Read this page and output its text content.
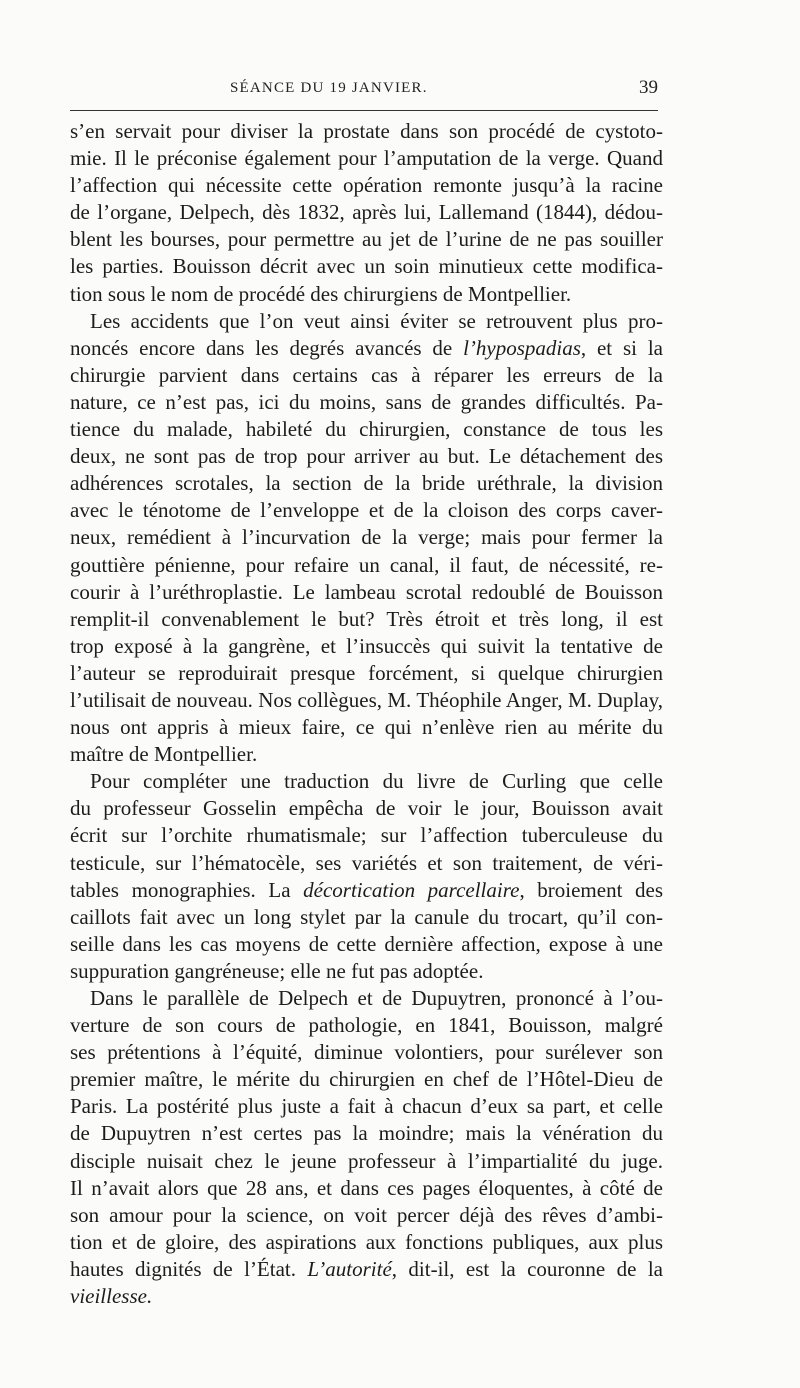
SÉANCE DU 19 JANVIER.	39
s’en servait pour diviser la prostate dans son procédé de cystoto-
mie. Il le préconise également pour l’amputation de la verge. Quand
l’affection qui nécessite cette opération remonte jusqu’à la racine
de l’organe, Delpech, dès 1832, après lui, Lallemand (1844), dédou-
blent les bourses, pour permettre au jet de l’urine de ne pas souiller
les parties. Bouisson décrit avec un soin minutieux cette modifica-
tion sous le nom de procédé des chirurgiens de Montpellier.
Les accidents que l’on veut ainsi éviter se retrouvent plus pro-
noncés encore dans les degrés avancés de l’hypospadias, et si la
chirurgie parvient dans certains cas à réparer les erreurs de la
nature, ce n’est pas, ici du moins, sans de grandes difficultés. Pa-
tience du malade, habileté du chirurgien, constance de tous les
deux, ne sont pas de trop pour arriver au but. Le détachement des
adhérences scrotales, la section de la bride uréthrale, la division
avec le ténotome de l’enveloppe et de la cloison des corps caver-
neux, remédient à l’incurvation de la verge; mais pour fermer la
gouttière pénienne, pour refaire un canal, il faut, de nécessité, re-
courir à l’uréthroplastie. Le lambeau scrotal redoublé de Bouisson
remplit-il convenablement le but? Très étroit et très long, il est
trop exposé à la gangrène, et l’insuccès qui suivit la tentative de
l’auteur se reproduirait presque forcément, si quelque chirurgien
l’utilisait de nouveau. Nos collègues, M. Théophile Anger, M. Duplay,
nous ont appris à mieux faire, ce qui n’enlève rien au mérite du
maître de Montpellier.
Pour compléter une traduction du livre de Curling que celle
du professeur Gosselin empêcha de voir le jour, Bouisson avait
écrit sur l’orchite rhumatismale; sur l’affection tuberculeuse du
testicule, sur l’hématocèle, ses variétés et son traitement, de véri-
tables monographies. La décortication parcellaire, broiement des
caillots fait avec un long stylet par la canule du trocart, qu’il con-
seille dans les cas moyens de cette dernière affection, expose à une
suppuration gangréneuse; elle ne fut pas adoptée.
Dans le parallèle de Delpech et de Dupuytren, prononcé à l’ou-
verture de son cours de pathologie, en 1841, Bouisson, malgré
ses prétentions à l’équité, diminue volontiers, pour surélever son
premier maître, le mérite du chirurgien en chef de l’Hôtel-Dieu de
Paris. La postérité plus juste a fait à chacun d’eux sa part, et celle
de Dupuytren n’est certes pas la moindre; mais la vénération du
disciple nuisait chez le jeune professeur à l’impartialité du juge.
Il n’avait alors que 28 ans, et dans ces pages éloquentes, à côté de
son amour pour la science, on voit percer déjà des rêves d’ambi-
tion et de gloire, des aspirations aux fonctions publiques, aux plus
hautes dignités de l’État. L’autorité, dit-il, est la couronne de la
vieillesse.
